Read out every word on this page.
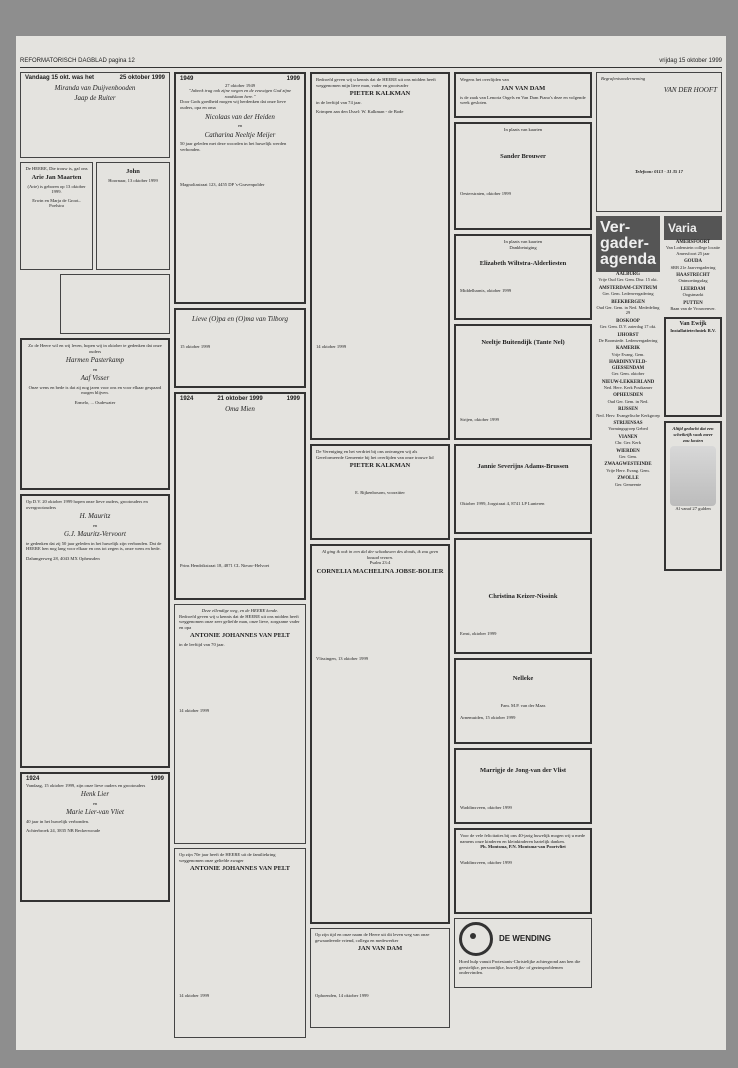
REFORMATORISCH DAGBLAD pagina 12	vrijdag 15 oktober 1999
Vandaag 15 okt. was het	25 oktober 1999
Miranda van Duijvenbooden
Jaap de Ruiter
De HEERE, Die trouw is, gaf ons
Arie Jan Maarten
(Arie) is geboren op 13 oktober 1999.
Erwin en Marja de Groot–Poelstra
John
Hoornaar, 13 oktober 1999

Zo de Heere wil en wij leven, hopen wij in oktober te gedenken dat onze ouders
Harmen Pasterkamp
en
Aaf Visser
Onze wens en bede is dat zij nog jaren voor ons en voor elkaar gespaard mogen blijven.
Ermelo, ... Oudewater
Op D.V. 20 oktober 1999 hopen onze lieve ouders, grootouders en overgrootouders
H. Mauritz
en
G.J. Mauritz-Vervoort
te gedenken dat zij 50 jaar geleden in het huwelijk zijn verbonden. Dat de HEERE hen nog lang voor elkaar en ons tot zegen is, onze wens en bede.
Dalumgerweg 28, 4043 MX Opheusden
1924	1999
Vandaag, 15 oktober 1999, zijn onze lieve ouders en grootouders
Henk Lier
en
Marie Lier-van Vliet
40 jaar in het huwelijk verbonden.
Achterbroek 24, 3835 NB Beckerwoude
1949	1999
27 oktober 1949
"Jabeek trug ook zijne wegen en de eeuwigen God zijne raadslaan here."
Door Gods goedheid mogen wij herdenken dat onze lieve ouders, opa en oma
Nicolaas van der Heiden
en
Catharina Neeltje Meijer
50 jaar geleden met deze woorden in het huwelijk werden verbonden.
Magnoliastraat 123, 4455 DP 's-Gravenpolder
Lieve (O)pa en (O)ma van Tilborg
15 oktober 1999
1924	21 oktober 1999	1999
Oma Mien
Prins Hendrikstraat 18, 4871 CL Nieuw-Helvoet
Deze ellendige weg, en de HEERE kende.
Bedroefd geven wij u kennis dat de HEERE uit ons midden heeft weggenomen onze zeer geliefde man, onze lieve, zorgzame vader en opa
ANTONIE JOHANNES VAN PELT
in de leeftijd van 70 jaar.
14 oktober 1999
Op zijn 70e jaar heeft de HEERE uit de familiekring weggenomen onze geliefde zwager
ANTONIE JOHANNES VAN PELT
14 oktober 1999
Bedroefd geven wij u kennis dat de HEERE uit ons midden heeft weggenomen mijn lieve man, vader en grootvader
PIETER KALKMAN
in de leeftijd van 74 jaar.
Krimpen aan den IJssel: W. Kalkman - de Bode
14 oktober 1999
De Vereniging en het verdriet bij ons ontvangen wij als Gereformeerde Gemeente bij het overlijden van onze trouwe lid
PIETER KALKMAN
E. Rijkenbosom, voorzitter
Al ging ik ook in een dal der schaduwen des doods, ik zou geen kwaad vrezen.
Psalm 23:4
CORNELIA MACHELINA JOBSE-BOLIER
Vlissingen, 13 oktober 1999
Op zijn tijd en onze naam de Heere uit dit leven weg van onze gewaardeerde vriend, collega en medewerker
JAN VAN DAM
Ophoenden, 14 oktober 1999
Wegens het overlijden van
JAN VAN DAM
is de zaak van Lenoria Orgels en Van Dam Piano's deze en volgende week gesloten.
In plaats van kaarten
Sander Brouwer
Oesterstraten, oktober 1999
In plaats van kaarten
Dankbetuiging
Elizabeth Wiltstra-Alderliesten
Middelharnis, oktober 1999
Neeltje Buitendijk (Tante Nel)
Strijen, oktober 1999
Jannie Severijns Adams-Brussen
Oktober 1999, Jorgstraat 4, 8741 LP Lunteren
Christina Keizer-Nissink
Ernst, oktober 1999
Nelleke
Fam. M.P. van der Maas
Arnemuiden, 15 oktober 1999
Marrigje de Jong-van der Vlist
Waddinxveen, oktober 1999
Voor de vele felicitaties bij ons 40-jarig huwelijk mogen wij u mede namens onze kinderen en kleinkinderen hartelijk danken.
Ph. Montsma, P.N. Montsma-van Poortvliet
Waddinxveen, oktober 1999
DE WENDING
Hoed hulp vanuit Protestants-Christelijke achtergrond aan hen die geestelijke, persoonlijke, huwelijks- of gezinsproblemen ondervinden.
Begrafenisonderneming
VAN DER HOOFT

Telefoon: 0113 - 31 35 17
Ver-
gader-
agenda
AALBURG
Vrije Oud Ger. Gem. Dtsr. 15 okt.
AMSTERDAM-CENTRUM
Ger. Gem. Ledenvergadering
BEEKBERGEN
Oud Ger. Gem. in Ned. Mededeling 29
BOSKOOP
Ger. Gem. D.V. zaterdag 17 okt.
IJHORST
De Boonstede. Ledenvergadering
KAMERIK
Vrije Evang. Gem.
HARDINXVELD-GIESSENDAM
Ger. Gem. oktober
NIEUW-LEKKERLAND
Ned. Herv. Kerk Postkamer
OPHEUSDEN
Oud Ger. Gem. in Ned.
RIJSSEN
Ned. Herv. Evangelische Kerkgroep
STRIJENSAS
Vormingsgroep Gebed
VIANEN
Chr. Ger. Kerk
WIERDEN
Ger. Gem.
ZWAAGWESTEINDE
Vrije Herv. Evang. Gem.
ZWOLLE
Ger. Gemeente
Varia
AMERSFOORT
Van Lodenstein college locatie Amersfoort 25 jaar
GOUDA
SRB 21e Jaarvergadering
HAASTRECHT
Ontmoetingsdag
LEERDAM
Oogstmarkt
PUTTEN
Baan van de Vrouwenver.
Van Ewijk
Installatietechniek B.V.
Altijd gedacht dat een scheikrijk vaak meer zou kosten
Al vanaf 27 gulden
